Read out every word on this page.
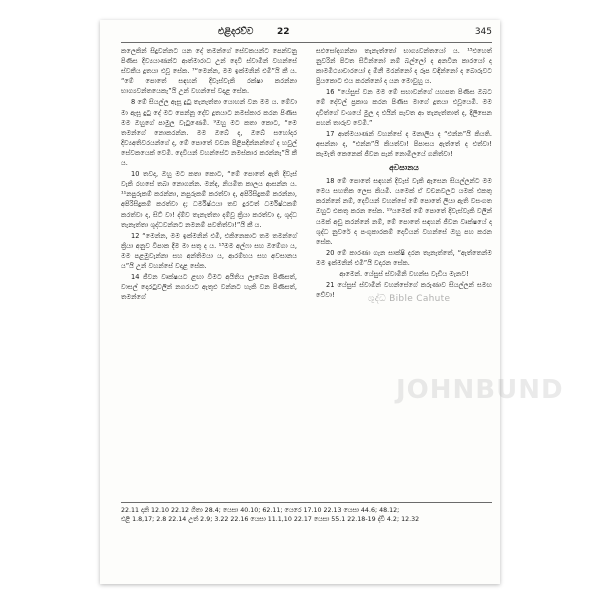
එළිදරව්ව	22	345

කලෙකින් සිදුවන්නට යන දේ තමන්ගේ සේවකයන්ට පෙන්වනු පිණිස දිව්‍යයාණන්ට ආත්මාරාධ උන් දෙවි ස්වාමින් වහන්සේ ස්වකීය දූතයා එවූ සේක. ⁷“මෙන්න, මම ඉක්මනින් එමි”යි කී ය. “මේ පොතේ සඳහන් දිවැස්වැකි රක්ෂා කරන්නා භාග්‍යවන්තයෙකැ”යි උන් වහන්සේ වදාළ සේක.

8 මේ සියල්ල ඇසූ දුටු තැනැත්තා යොහන් වන මම ය. මේවා මා ඇසූ දුටු දේ මට පෙන්නූ දේව දූතයාට නමස්කාර කරන පිණිස මම ඔහුගේ පාමුල වැටුණෙමි. ⁹ඔහු මට කතා කොට, “මෙ තමන්ගේ නොකරන්න. මම ඔබේ ද, ඔබේ සහෝදර දිව්‍යඅතිවරයන්ගේ ද, මේ පොතේ වචන පිළිපදින්නන්ගේ ද හවුල් සේවකයෙක් වෙමි. දෙවියන් වහන්සේට නමස්කාර කරන්නැ”යි කී ය.

10 තවද, ඔහු මට කතා කොට, “මේ පොතේ ඇති දිවැස් වැකි රහසේ තබා නොගන්න. මන්ද, නියමිත කාලය ආසන්න ය. ¹¹නපුරුකම් කරන්නා, නපුරුකම් කරත්වා ද, අපිරිසිදුකම් කරන්නා, අපිරිසිදුකම් කරත්වා ද; ධර්මිෂ්ඨයා තව දුරටත් ධර්මිෂ්ඨකම් කරත්වා ද, සිට් වා! ද්ම්ව තැනැත්තා දම්වූ ක්‍රියා කරත්වා ද, ශුද්ධ තැනැත්තා ශුද්ධවන්නට නමනම් පවතිත්වා!”යි කී ය.

12 “මෙන්න, මම ඉක්මනින් එමි, එකිනෙකාට තම තමන්ගේ ක්‍රියා අනුව විපාක දීම මා සතු ද ය. ¹³මම අල්ෆා සහ ඔමේගා ය, මම පළමුවැන්නා සහ අන්තිමයා ය, ආරම්භය සහ අවසානය ය”යි උන් වහන්සේ වදාළ සේක.

14 ජීවන වෘක්ෂයට ළඟා වීමට අයිතිය ලැබෙන පිණිසත්, වාසල් දොරටුවලින් නගරයට ඇතුළු වන්නට හැකි වන පිණිසත්, තමන්ගේ

සළුසෝදගන්නා තැනැත්තෝ භාග්‍යවන්තයෝ ය. ¹⁵එහෙත් නුවරින් පිටත සිටින්නෝ නම් බල්ලෝ ද අනවින කාරයෝ ද කාමමිථ්‍යාචාරයෝ ද මිනී මරන්නෝ ද රූප වඳින්නෝ ද බොරුවට ප්‍රියකොට එය කරන්නෝ ද යන මොවුහු ය.

16 “යේසුස් වන මම මේ සභාවන්ගේ යහපත පිණිස ඔබට මේ දේවල් ප්‍රකාශ කරන පිණිස මාගේ දූතයා එවූයෙමි. මම දාවිත්ගේ වංශයේ මුල ද එයින් පැවත ආ තැනැත්තාත් ද, දිලිසෙන පහන් තාරුව වෙමි.”

17 ආත්මයාණන් වහන්සේ ද මනාලිය ද “එන්න”යි කියති. අසන්නා ද, “එන්න”යි කියත්වා! පිපාසය ඇත්තේ ද එත්වා! කැමැති කෙනෙක් ජීවන පැන් නොමිලයේ ගනිත්වා!

අවසානය

18 මේ පොතේ සඳහන් දිවැස් වැකි ඇසෙන සියල්ලන්ට මම මෙය සහතික ලෙස කියමි. යමෙක් ඒ වචනවලට යමක් එකතු කරන්නේ නම්, දෙවියන් වහන්සේ මේ පොතේ ලියා ඇති වසංගත ඔහුට එකතු කරන සේක. ¹⁹යමෙක් මේ පොතේ දිවැස්වැකි වලින් යමක් අඩු කරන්නේ නම්, මේ පොතේ සඳහන් ජීවන වෘක්ෂයේ ද ශුද්ධ නුවරේ ද පංගුකාරකම් දෙවියන් වහන්සේ ඔහු පහ කරන සේක.

20 මේ කාරණා ගැන සාක්ෂි දරන තැනැත්තේ, “ඇත්තෙන්ම මම ඉක්මනින් එමි”යි වදාරන සේක.

ආමෙන්. යේසුස් ස්වාමීනි වහන්ස වැඩිය මැනව!

21 යේසුස් ස්වාමීන් වහන්සේගේ කරුණාව සියල්ලන් සමඟ වේවා!	ශුද්ධ Bible Cahute
JOHNBUND
22.11 දානි 12.10 22.12 ගීතා 28.4; යෙසා 40.10; 62.11; යෙරෙ 17.10 22.13 යෙසා 44.6; 48.12;
එළි 1.8,17; 2.8 22.14 උත් 2.9; 3.22 22.16 යෙසා 11.1,10 22.17 යෙසා 55.1 22.18-19 ද්වි 4.2; 12.32
